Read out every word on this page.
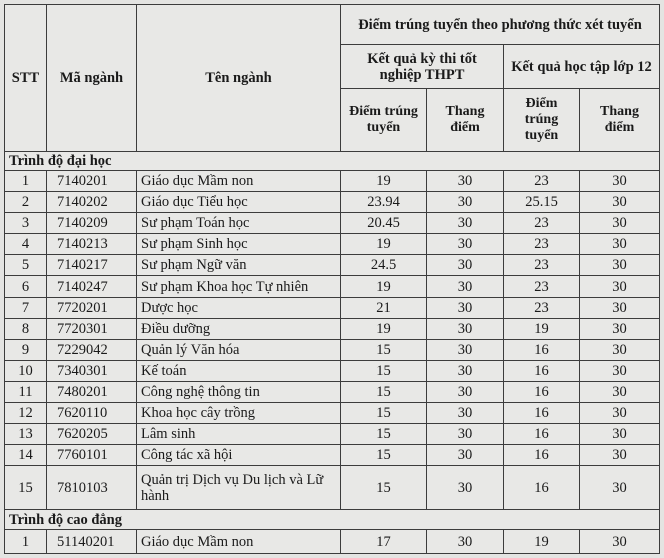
STT	Mã ngành	Tên ngành	Điểm trúng tuyển theo phương thức xét tuyển			
			Kết quả kỳ thi tốt nghiệp THPT		Kết quả học tập lớp 12	
			Điểm trúng tuyển	Thang điểm	Điểm trúng tuyển	Thang điểm
Trình độ đại học						
1	7140201	Giáo dục Mầm non	19	30	23	30
2	7140202	Giáo dục Tiểu học	23.94	30	25.15	30
3	7140209	Sư phạm Toán học	20.45	30	23	30
4	7140213	Sư phạm Sinh học	19	30	23	30
5	7140217	Sư phạm Ngữ văn	24.5	30	23	30
6	7140247	Sư phạm Khoa học Tự nhiên	19	30	23	30
7	7720201	Dược học	21	30	23	30
8	7720301	Điều dưỡng	19	30	19	30
9	7229042	Quản lý Văn hóa	15	30	16	30
10	7340301	Kế toán	15	30	16	30
11	7480201	Công nghệ thông tin	15	30	16	30
12	7620110	Khoa học cây trồng	15	30	16	30
13	7620205	Lâm sinh	15	30	16	30
14	7760101	Công tác xã hội	15	30	16	30
15	7810103	Quản trị Dịch vụ Du lịch và Lữ hành	15	30	16	30
Trình độ cao đẳng						
1	51140201	Giáo dục Mầm non	17	30	19	30
